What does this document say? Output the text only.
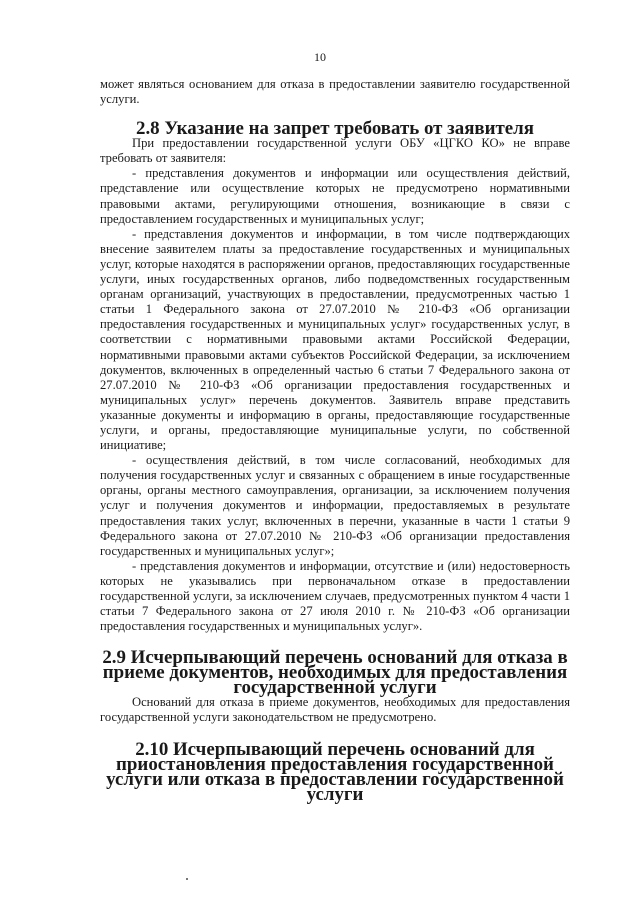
10

может являться основанием для отказа в предоставлении заявителю государственной услуги.

2.8 Указание на запрет требовать от заявителя

При предоставлении государственной услуги ОБУ «ЦГКО КО» не вправе требовать от заявителя:

- представления документов и информации или осуществления действий, представление или осуществление которых не предусмотрено нормативными правовыми актами, регулирующими отношения, возникающие в связи с предоставлением государственных и муниципальных услуг;

- представления документов и информации, в том числе подтверждающих внесение заявителем платы за предоставление государственных и муниципальных услуг, которые находятся в распоряжении органов, предоставляющих государственные услуги, иных государственных органов, либо подведомственных государственным органам организаций, участвующих в предоставлении, предусмотренных частью 1 статьи 1 Федерального закона от 27.07.2010 № 210-ФЗ «Об организации предоставления государственных и муниципальных услуг» государственных услуг, в соответствии с нормативными правовыми актами Российской Федерации, нормативными правовыми актами субъектов Российской Федерации, за исключением документов, включенных в определенный частью 6 статьи 7 Федерального закона от 27.07.2010 № 210-ФЗ «Об организации предоставления государственных и муниципальных услуг» перечень документов. Заявитель вправе представить указанные документы и информацию в органы, предоставляющие государственные услуги, и органы, предоставляющие муниципальные услуги, по собственной инициативе;

- осуществления действий, в том числе согласований, необходимых для получения государственных услуг и связанных с обращением в иные государственные органы, органы местного самоуправления, организации, за исключением получения услуг и получения документов и информации, предоставляемых в результате предоставления таких услуг, включенных в перечни, указанные в части 1 статьи 9 Федерального закона от 27.07.2010 № 210-ФЗ «Об организации предоставления государственных и муниципальных услуг»;

- представления документов и информации, отсутствие и (или) недостоверность которых не указывались при первоначальном отказе в предоставлении государственной услуги, за исключением случаев, предусмотренных пунктом 4 части 1 статьи 7 Федерального закона от 27 июля 2010 г. № 210-ФЗ «Об организации предоставления государственных и муниципальных услуг».

2.9 Исчерпывающий перечень оснований для отказа в приеме документов, необходимых для предоставления государственной услуги

Оснований для отказа в приеме документов, необходимых для предоставления государственной услуги законодательством не предусмотрено.

2.10 Исчерпывающий перечень оснований для приостановления предоставления государственной услуги или отказа в предоставлении государственной услуги
